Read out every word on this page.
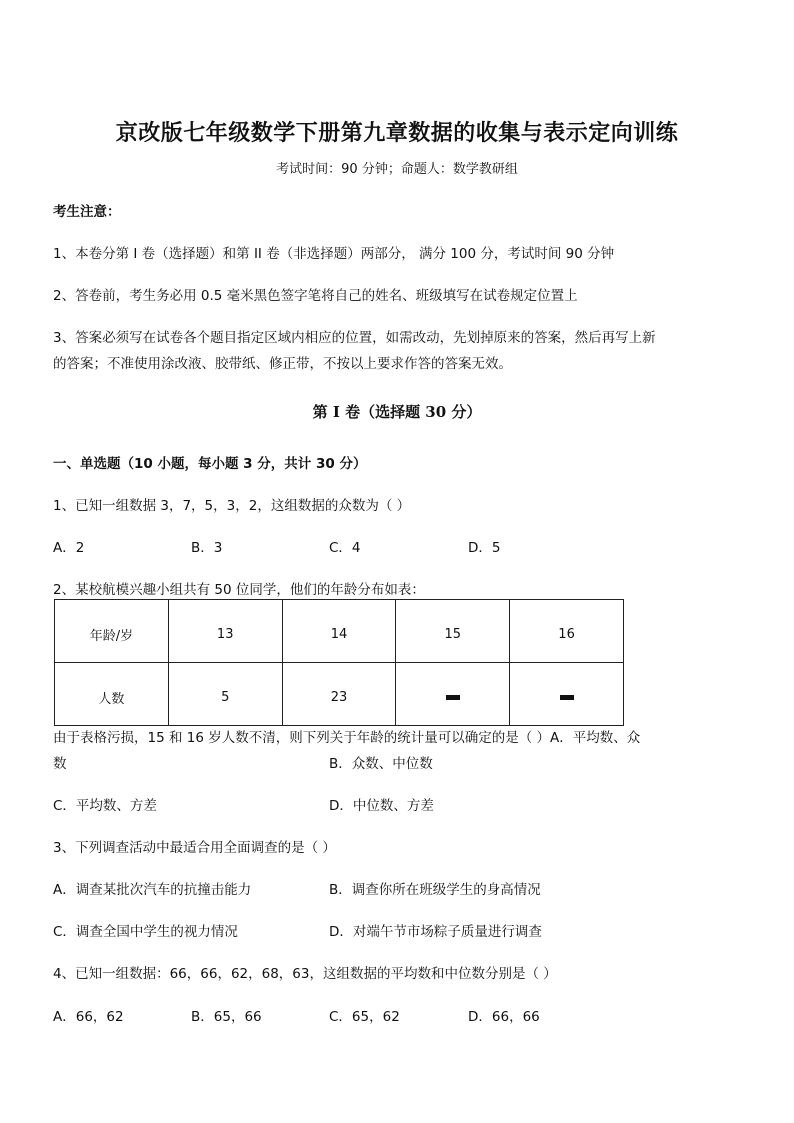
京改版七年级数学下册第九章数据的收集与表示定向训练
考试时间：90 分钟；命题人：数学教研组
考生注意：
1、本卷分第 I 卷（选择题）和第 II 卷（非选择题）两部分， 满分 100 分，考试时间 90 分钟
2、答卷前，考生务必用 0.5 毫米黑色签字笔将自己的姓名、班级填写在试卷规定位置上
3、答案必须写在试卷各个题目指定区域内相应的位置，如需改动，先划掉原来的答案，然后再写上新
的答案；不准使用涂改液、胶带纸、修正带，不按以上要求作答的答案无效。
第 I 卷（选择题 30 分）
一、单选题（10 小题，每小题 3 分，共计 30 分）
1、已知一组数据 3，7，5，3，2，这组数据的众数为（ ）
A．2	B．3	C．4	D．5
2、某校航模兴趣小组共有 50 位同学，他们的年龄分布如表：
年龄/岁	13	14	15	16
人数	5	23		
由于表格污损，15 和 16 岁人数不清，则下列关于年龄的统计量可以确定的是（ ）A．平均数、众
数	B．众数、中位数
C．平均数、方差	D．中位数、方差
3、下列调查活动中最适合用全面调查的是（ ）
A．调查某批次汽车的抗撞击能力	B．调查你所在班级学生的身高情况
C．调查全国中学生的视力情况	D．对端午节市场粽子质量进行调查
4、已知一组数据：66，66，62，68，63，这组数据的平均数和中位数分别是（ ）
A．66，62	B．65，66	C．65，62	D．66，66
